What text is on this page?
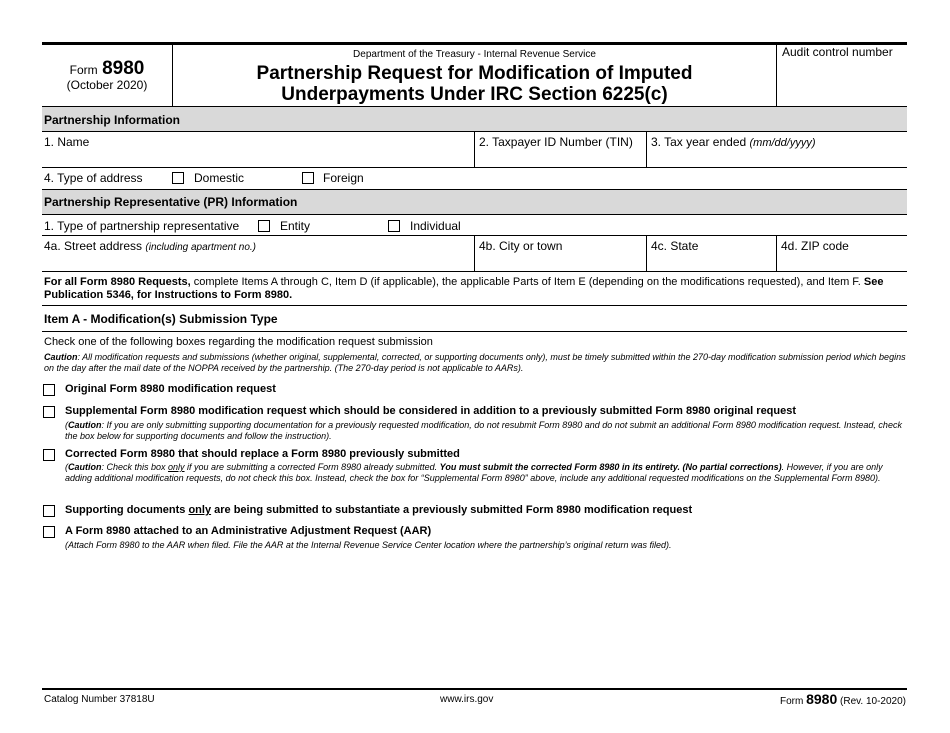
Form 8980
(October 2020)
Department of the Treasury - Internal Revenue Service
Partnership Request for Modification of Imputed
Underpayments Under IRC Section 6225(c)
Audit control number
Partnership Information
1. Name	2. Taxpayer ID Number (TIN) 3. Tax year ended (mm/dd/yyyy)
4. Type of address	Domestic	Foreign
Partnership Representative (PR) Information
1. Type of partnership representative	Entity	Individual
4a. Street address (including apartment no.)	4b. City or town	4c. State	4d. ZIP code
For all Form 8980 Requests, complete Items A through C, Item D (if applicable), the applicable Parts of Item E (depending on the modifications requested), and Item F. See Publication 5346, for Instructions to Form 8980.
Item A - Modification(s) Submission Type
Check one of the following boxes regarding the modification request submission
Caution: All modification requests and submissions (whether original, supplemental, corrected, or supporting documents only), must be timely submitted within the 270-day modification submission period which begins on the day after the mail date of the NOPPA received by the partnership. (The 270-day period is not applicable to AARs).
Original Form 8980 modification request
Supplemental Form 8980 modification request which should be considered in addition to a previously submitted Form 8980 original request
(Caution: If you are only submitting supporting documentation for a previously requested modification, do not resubmit Form 8980 and do not submit an additional Form 8980 modification request. Instead, check the box below for supporting documents and follow the instruction).
Corrected Form 8980 that should replace a Form 8980 previously submitted
(Caution: Check this box only if you are submitting a corrected Form 8980 already submitted. You must submit the corrected Form 8980 in its entirety. (No partial corrections). However, if you are only adding additional modification requests, do not check this box. Instead, check the box for “Supplemental Form 8980” above, include any additional requested modifications on the Supplemental Form 8980).
Supporting documents only are being submitted to substantiate a previously submitted Form 8980 modification request
A Form 8980 attached to an Administrative Adjustment Request (AAR)
(Attach Form 8980 to the AAR when filed. File the AAR at the Internal Revenue Service Center location where the partnership’s original return was filed).
Catalog Number 37818U	www.irs.gov	Form 8980 (Rev. 10-2020)
